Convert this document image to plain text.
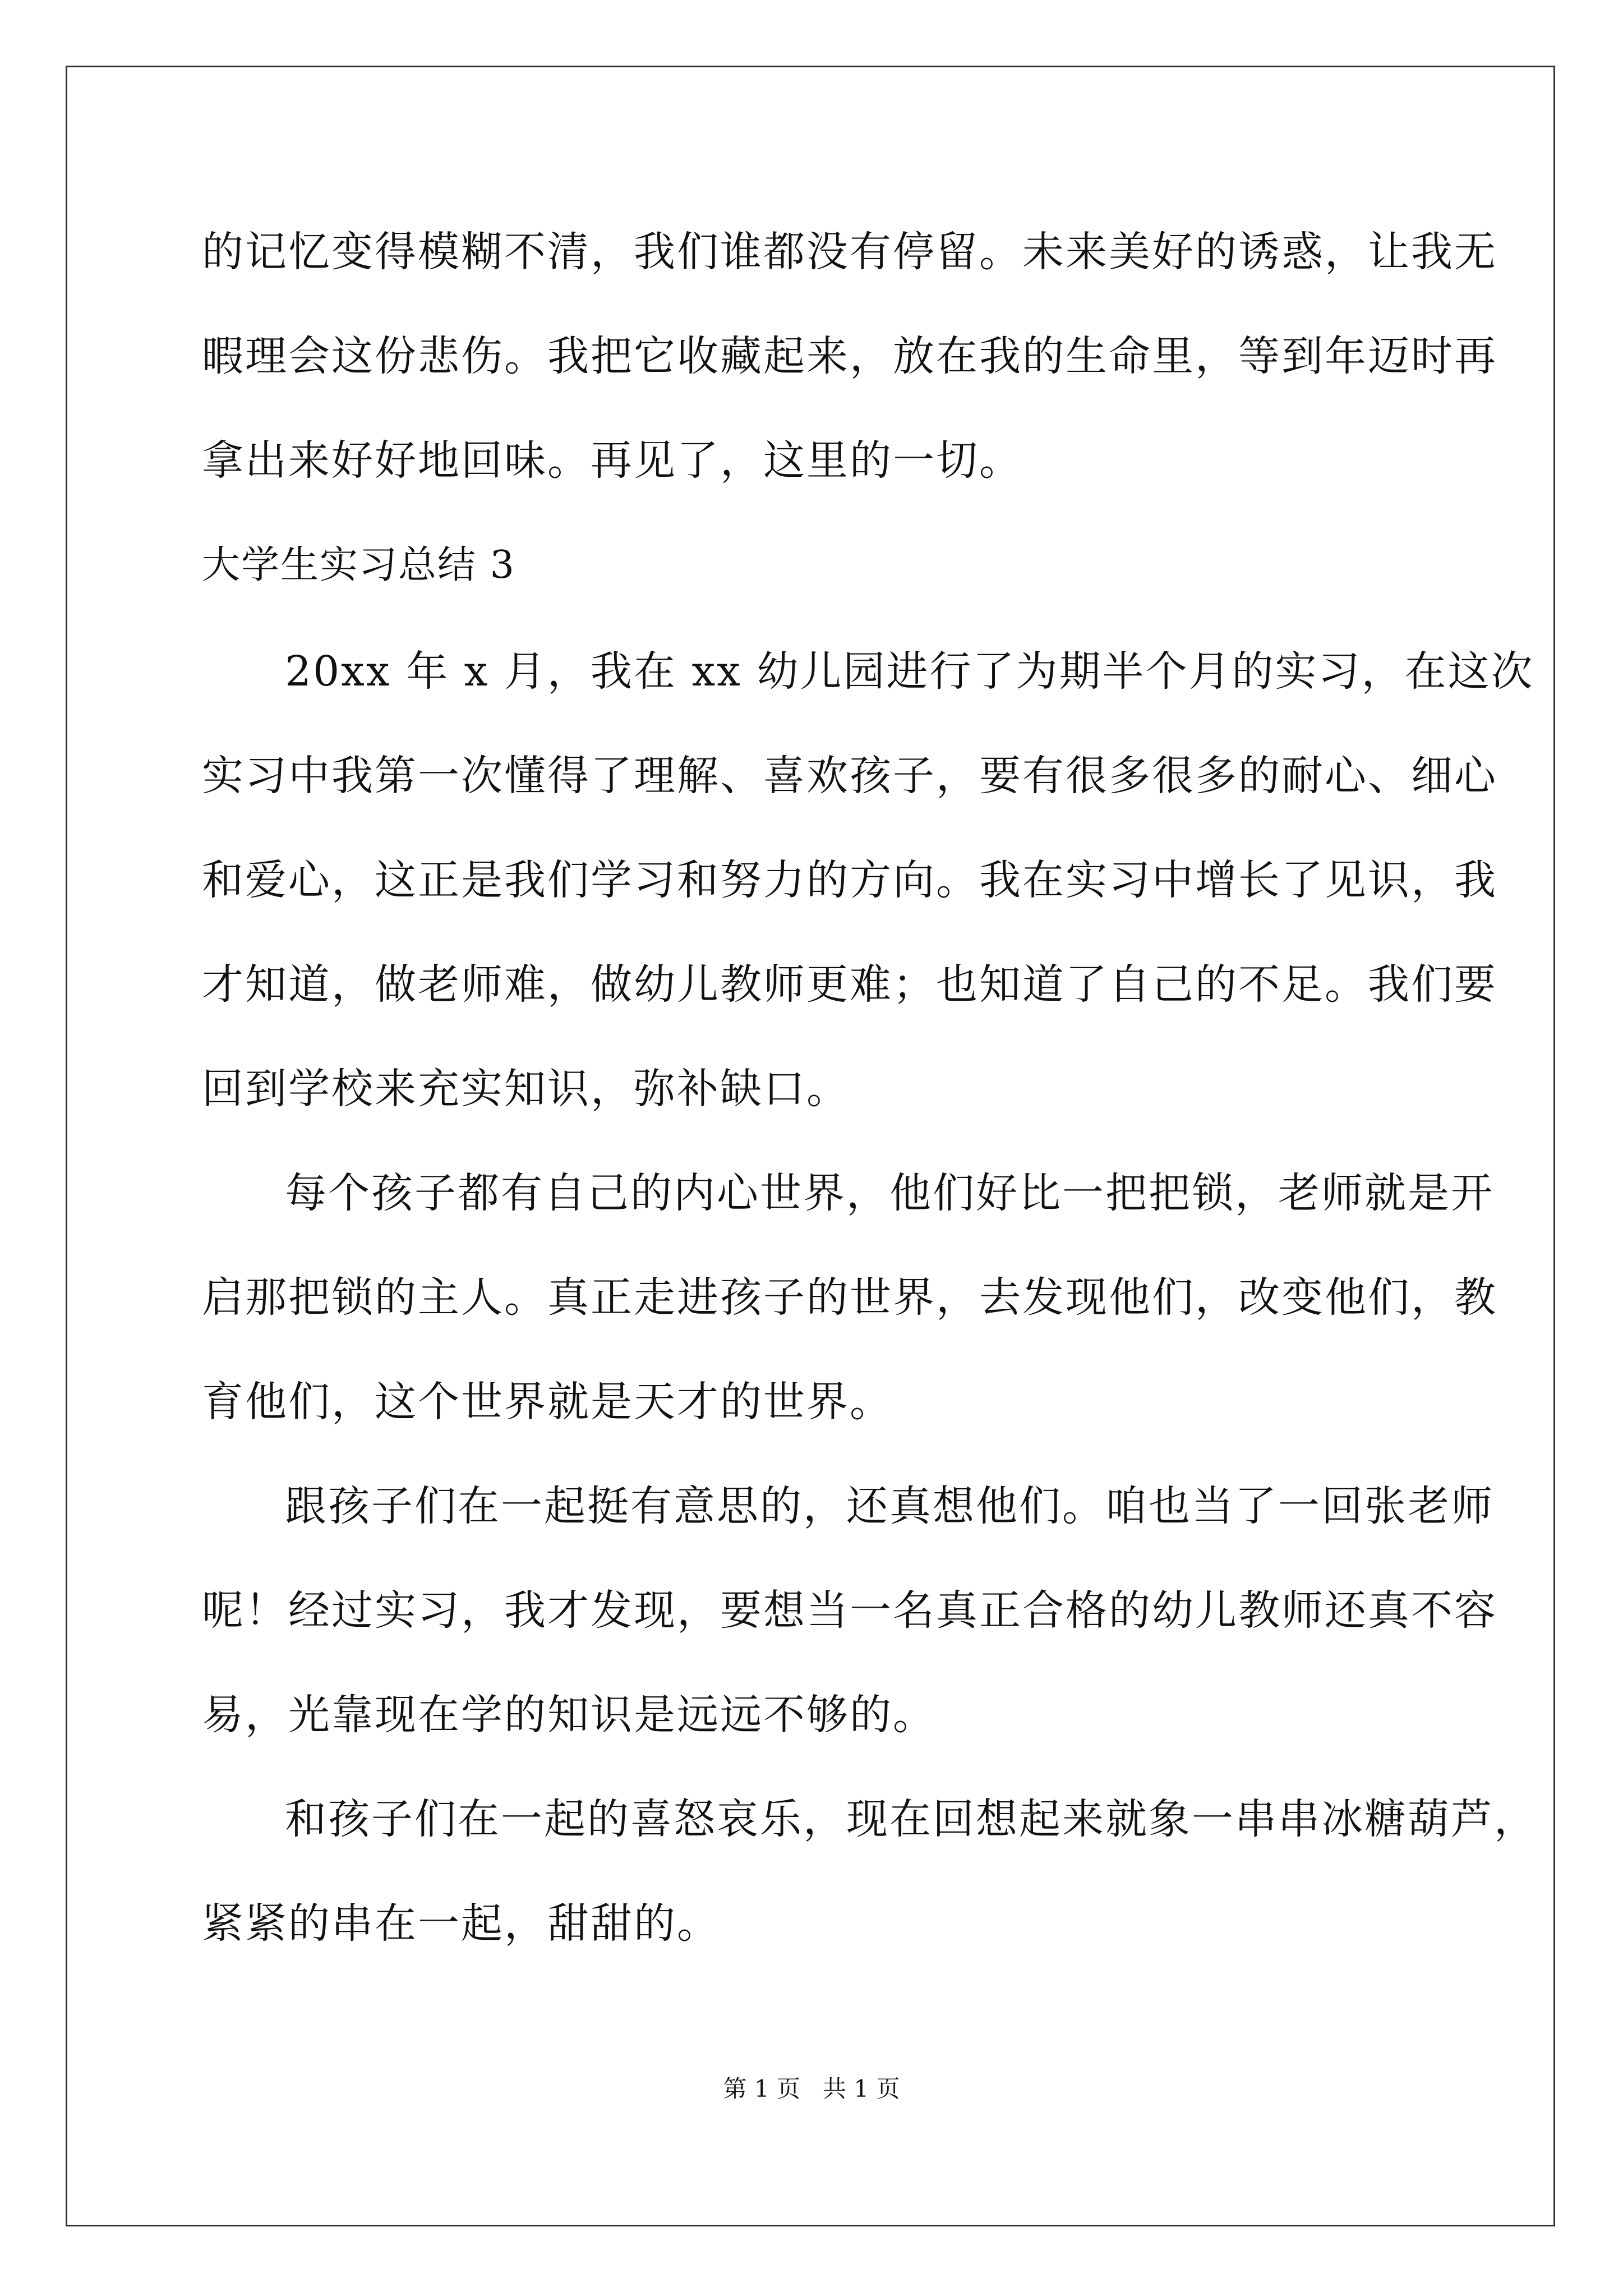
的记忆变得模糊不清，我们谁都没有停留。未来美好的诱惑，让我无
暇理会这份悲伤。我把它收藏起来，放在我的生命里，等到年迈时再
拿出来好好地回味。再见了，这里的一切。
大学生实习总结 3
20xx 年 x 月，我在 xx 幼儿园进行了为期半个月的实习，在这次
实习中我第一次懂得了理解、喜欢孩子，要有很多很多的耐心、细心
和爱心，这正是我们学习和努力的方向。我在实习中增长了见识，我
才知道，做老师难，做幼儿教师更难；也知道了自己的不足。我们要
回到学校来充实知识，弥补缺口。
每个孩子都有自己的内心世界，他们好比一把把锁，老师就是开
启那把锁的主人。真正走进孩子的世界，去发现他们，改变他们，教
育他们，这个世界就是天才的世界。
跟孩子们在一起挺有意思的，还真想他们。咱也当了一回张老师
呢！经过实习，我才发现，要想当一名真正合格的幼儿教师还真不容
易，光靠现在学的知识是远远不够的。
和孩子们在一起的喜怒哀乐，现在回想起来就象一串串冰糖葫芦，
紧紧的串在一起，甜甜的。
第 1 页   共 1 页
